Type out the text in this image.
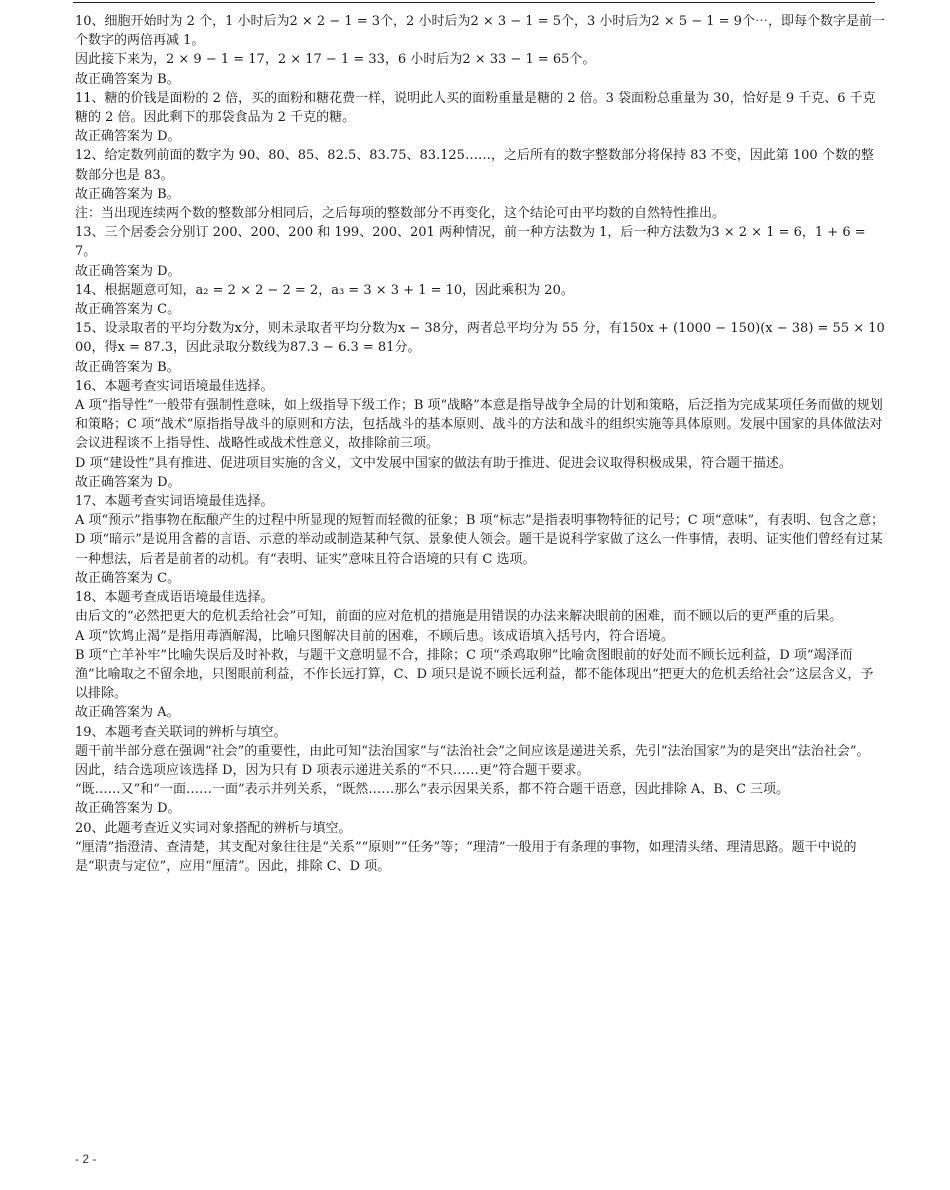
10、细胞开始时为 2 个，1 小时后为2 × 2 − 1 = 3个，2 小时后为2 × 3 − 1 = 5个，3 小时后为2 × 5 − 1 = 9个⋯，即每个数字是前一个数字的两倍再减 1。

因此接下来为，2 × 9 − 1 = 17，2 × 17 − 1 = 33，6 小时后为2 × 33 − 1 = 65个。

故正确答案为 B。

11、糖的价钱是面粉的 2 倍，买的面粉和糖花费一样，说明此人买的面粉重量是糖的 2 倍。3 袋面粉总重量为 30，恰好是 9 千克、6 千克糖的 2 倍。因此剩下的那袋食品为 2 千克的糖。

故正确答案为 D。

12、给定数列前面的数字为 90、80、85、82.5、83.75、83.125……，之后所有的数字整数部分将保持 83 不变，因此第 100 个数的整数部分也是 83。

故正确答案为 B。

注：当出现连续两个数的整数部分相同后，之后每项的整数部分不再变化，这个结论可由平均数的自然特性推出。

13、三个居委会分别订 200、200、200 和 199、200、201 两种情况，前一种方法数为 1，后一种方法数为3 × 2 × 1 = 6，1 + 6 = 7。

故正确答案为 D。

14、根据题意可知，a₂ = 2 × 2 − 2 = 2，a₃ = 3 × 3 + 1 = 10，因此乘积为 20。

故正确答案为 C。

15、设录取者的平均分数为x分，则未录取者平均分数为x − 38分，两者总平均分为 55 分，有150x + (1000 − 150)(x − 38) = 55 × 1000，得x = 87.3，因此录取分数线为87.3 − 6.3 = 81分。

故正确答案为 B。

16、本题考查实词语境最佳选择。

A 项“指导性”一般带有强制性意味，如上级指导下级工作；B 项“战略”本意是指导战争全局的计划和策略，后泛指为完成某项任务而做的规划和策略；C 项“战术”原指指导战斗的原则和方法，包括战斗的基本原则、战斗的方法和战斗的组织实施等具体原则。发展中国家的具体做法对会议进程谈不上指导性、战略性或战术性意义，故排除前三项。

D 项“建设性”具有推进、促进项目实施的含义，文中发展中国家的做法有助于推进、促进会议取得积极成果，符合题干描述。

故正确答案为 D。

17、本题考查实词语境最佳选择。

A 项“预示”指事物在酝酿产生的过程中所显现的短暂而轻微的征象；B 项“标志”是指表明事物特征的记号；C 项“意味”，有表明、包含之意；D 项“暗示”是说用含蓄的言语、示意的举动或制造某种气氛、景象使人领会。题干是说科学家做了这么一件事情，表明、证实他们曾经有过某一种想法，后者是前者的动机。有“表明、证实”意味且符合语境的只有 C 选项。

故正确答案为 C。

18、本题考查成语语境最佳选择。

由后文的“必然把更大的危机丢给社会”可知，前面的应对危机的措施是用错误的办法来解决眼前的困难，而不顾以后的更严重的后果。

A 项“饮鸩止渴”是指用毒酒解渴，比喻只图解决目前的困难，不顾后患。该成语填入括号内，符合语境。

B 项“亡羊补牢”比喻失误后及时补救，与题干文意明显不合，排除；C 项“杀鸡取卵”比喻贪图眼前的好处而不顾长远利益，D 项“竭泽而渔”比喻取之不留余地，只图眼前利益，不作长远打算，C、D 项只是说不顾长远利益，都不能体现出“把更大的危机丢给社会”这层含义，予以排除。

故正确答案为 A。

19、本题考查关联词的辨析与填空。

题干前半部分意在强调“社会”的重要性，由此可知“法治国家”与“法治社会”之间应该是递进关系，先引“法治国家”为的是突出“法治社会”。

因此，结合选项应该选择 D，因为只有 D 项表示递进关系的“不只……更”符合题干要求。

“既……又”和“一面……一面”表示并列关系，“既然……那么”表示因果关系，都不符合题干语意，因此排除 A、B、C 三项。

故正确答案为 D。

20、此题考查近义实词对象搭配的辨析与填空。

“厘清”指澄清、查清楚，其支配对象往往是“关系”“原则”“任务”等；“理清”一般用于有条理的事物，如理清头绪、理清思路。题干中说的是“职责与定位”，应用“厘清”。因此，排除 C、D 项。

- 2 -
